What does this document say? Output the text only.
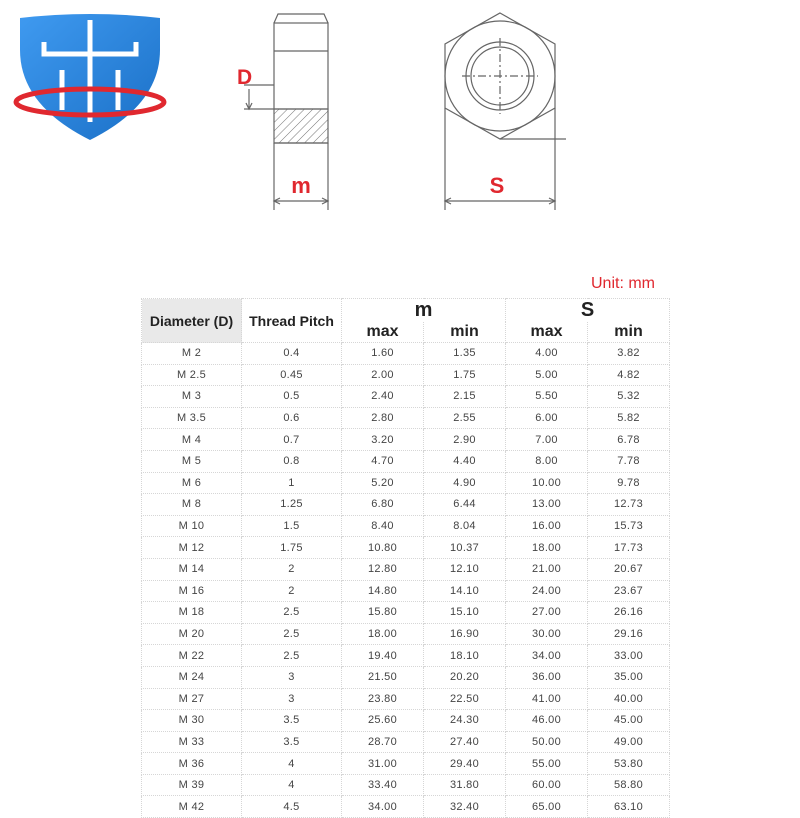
D
m	S
Unit: mm
Diameter (D)	Thread Pitch	m		S	
		max	min	max	min
M 2	0.4	1.60	1.35	4.00	3.82
M 2.5	0.45	2.00	1.75	5.00	4.82
M 3	0.5	2.40	2.15	5.50	5.32
M 3.5	0.6	2.80	2.55	6.00	5.82
M 4	0.7	3.20	2.90	7.00	6.78
M 5	0.8	4.70	4.40	8.00	7.78
M 6	1	5.20	4.90	10.00	9.78
M 8	1.25	6.80	6.44	13.00	12.73
M 10	1.5	8.40	8.04	16.00	15.73
M 12	1.75	10.80	10.37	18.00	17.73
M 14	2	12.80	12.10	21.00	20.67
M 16	2	14.80	14.10	24.00	23.67
M 18	2.5	15.80	15.10	27.00	26.16
M 20	2.5	18.00	16.90	30.00	29.16
M 22	2.5	19.40	18.10	34.00	33.00
M 24	3	21.50	20.20	36.00	35.00
M 27	3	23.80	22.50	41.00	40.00
M 30	3.5	25.60	24.30	46.00	45.00
M 33	3.5	28.70	27.40	50.00	49.00
M 36	4	31.00	29.40	55.00	53.80
M 39	4	33.40	31.80	60.00	58.80
M 42	4.5	34.00	32.40	65.00	63.10
